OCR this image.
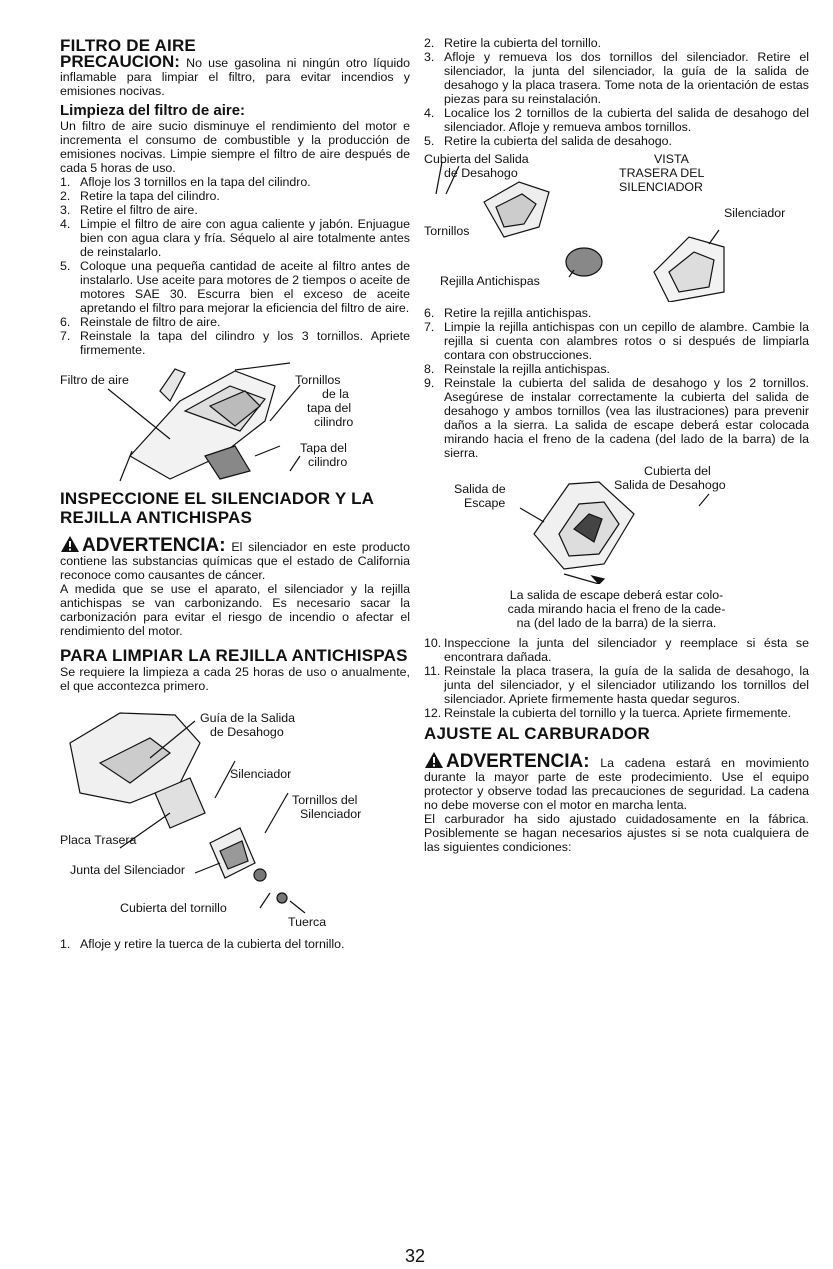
FILTRO DE AIRE
PRECAUCION: No use gasolina ni ningún otro líquido inflamable para limpiar el filtro, para evitar incendios y emisiones nocivas.
Limpieza del filtro de aire:
Un filtro de aire sucio disminuye el rendimiento del motor e incrementa el consumo de combustible y la producción de emisiones nocivas. Limpie siempre el filtro de aire después de cada 5 horas de uso.
1. Afloje los 3 tornillos en la tapa del cilindro.
2. Retire la tapa del cilindro.
3. Retire el filtro de aire.
4. Limpie el filtro de aire con agua caliente y jabón. Enjuague bien con agua clara y fría. Séquelo al aire totalmente antes de reinstalarlo.
5. Coloque una pequeña cantidad de aceite al filtro antes de instalarlo. Use aceite para motores de 2 tiempos o aceite de motores SAE 30. Escurra bien el exceso de aceite apretando el filtro para mejorar la eficiencia del filtro de aire.
6. Reinstale de filtro de aire.
7. Reinstale la tapa del cilindro y los 3 tornillos. Apriete firmemente.
Filtro de aire	Tornillos
de la
tapa del
cilindro
Tapa del
cilindro
INSPECCIONE EL SILENCIADOR Y LA REJILLA ANTICHISPAS
ADVERTENCIA: El silenciador en este producto contiene las substancias químicas que el estado de California reconoce como causantes de cáncer.
A medida que se use el aparato, el silenciador y la rejilla antichispas se van carbonizando. Es necesario sacar la carbonización para evitar el riesgo de incendio o afectar el rendimiento del motor.
PARA LIMPIAR LA REJILLA ANTICHISPAS
Se requiere la limpieza a cada 25 horas de uso o anualmente, el que accontezca primero.
Guía de la Salida
de Desahogo
Silenciador
Tornillos del
Silenciador
Placa Trasera
Junta del Silenciador
Cubierta del tornillo
Tuerca
1. Afloje y retire la tuerca de la cubierta del tornillo.
2. Retire la cubierta del tornillo.
3. Afloje y remueva los dos tornillos del silenciador. Retire el silenciador, la junta del silenciador, la guía de la salida de desahogo y la placa trasera. Tome nota de la orientación de estas piezas para su reinstalación.
4. Localice los 2 tornillos de la cubierta del salida de desahogo del silenciador. Afloje y remueva ambos tornillos.
5. Retire la cubierta del salida de desahogo.
Cubierta del Salida
de Desahogo
VISTA
TRASERA DEL
SILENCIADOR
Silenciador
Tornillos
Rejilla Antichispas
6. Retire la rejilla antichispas.
7. Limpie la rejilla antichispas con un cepillo de alambre. Cambie la rejilla si cuenta con alambres rotos o si después de limpiarla contara con obstrucciones.
8. Reinstale la rejilla antichispas.
9. Reinstale la cubierta del salida de desahogo y los 2 tornillos. Asegúrese de instalar correctamente la cubierta del salida de desahogo y ambos tornillos (vea las ilustraciones) para prevenir daños a la sierra. La salida de escape deberá estar colocada mirando hacia el freno de la cadena (del lado de la barra) de la sierra.
Cubierta del
Salida de Desahogo
Salida de
Escape
La salida de escape deberá estar colo-
cada mirando hacia el freno de la cade-
na (del lado de la barra) de la sierra.
10. Inspeccione la junta del silenciador y reemplace si ésta se encontrara dañada.
11. Reinstale la placa trasera, la guía de la salida de desahogo, la junta del silenciador, y el silenciador utilizando los tornillos del silenciador. Apriete firmemente hasta quedar seguros.
12. Reinstale la cubierta del tornillo y la tuerca. Apriete firmemente.
AJUSTE AL CARBURADOR
ADVERTENCIA: La cadena estará en movimiento durante la mayor parte de este prodecimiento. Use el equipo protector y observe todad las precauciones de seguridad. La cadena no debe moverse con el motor en marcha lenta.
El carburador ha sido ajustado cuidadosamente en la fábrica. Posiblemente se hagan necesarios ajustes si se nota cualquiera de las siguientes condiciones:
32
